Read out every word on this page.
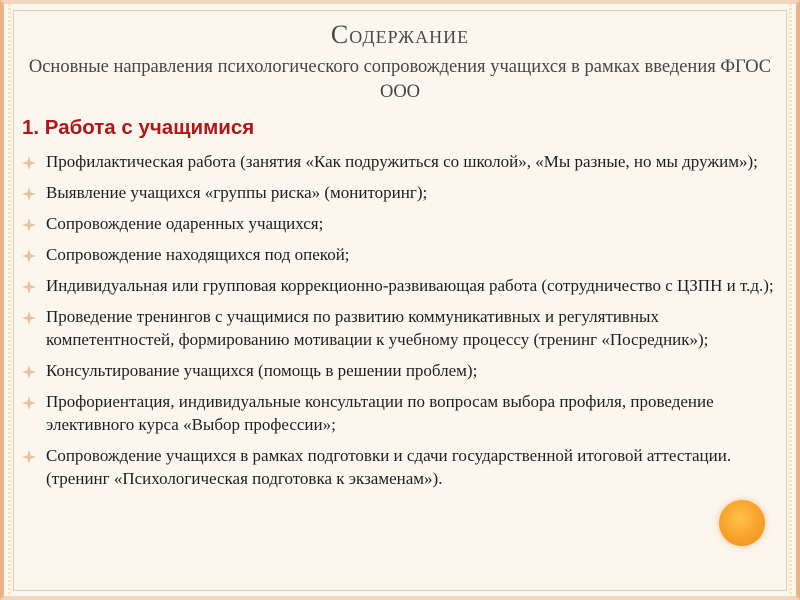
Содержание
Основные направления психологического сопровождения учащихся в рамках введения ФГОС ООО
1. Работа с учащимися
Профилактическая работа (занятия «Как подружиться со школой», «Мы разные, но мы дружим»);
Выявление учащихся «группы риска» (мониторинг);
Сопровождение одаренных учащихся;
Сопровождение находящихся под опекой;
Индивидуальная или групповая коррекционно-развивающая работа (сотрудничество с ЦЗПН и т.д.);
Проведение тренингов с учащимися по развитию коммуникативных и регулятивных компетентностей, формированию мотивации к учебному процессу (тренинг «Посредник»);
Консультирование учащихся (помощь в решении проблем);
Профориентация, индивидуальные консультации по вопросам выбора профиля, проведение элективного курса «Выбор профессии»;
Сопровождение учащихся в рамках подготовки и сдачи государственной итоговой аттестации.(тренинг «Психологическая подготовка к экзаменам»).
